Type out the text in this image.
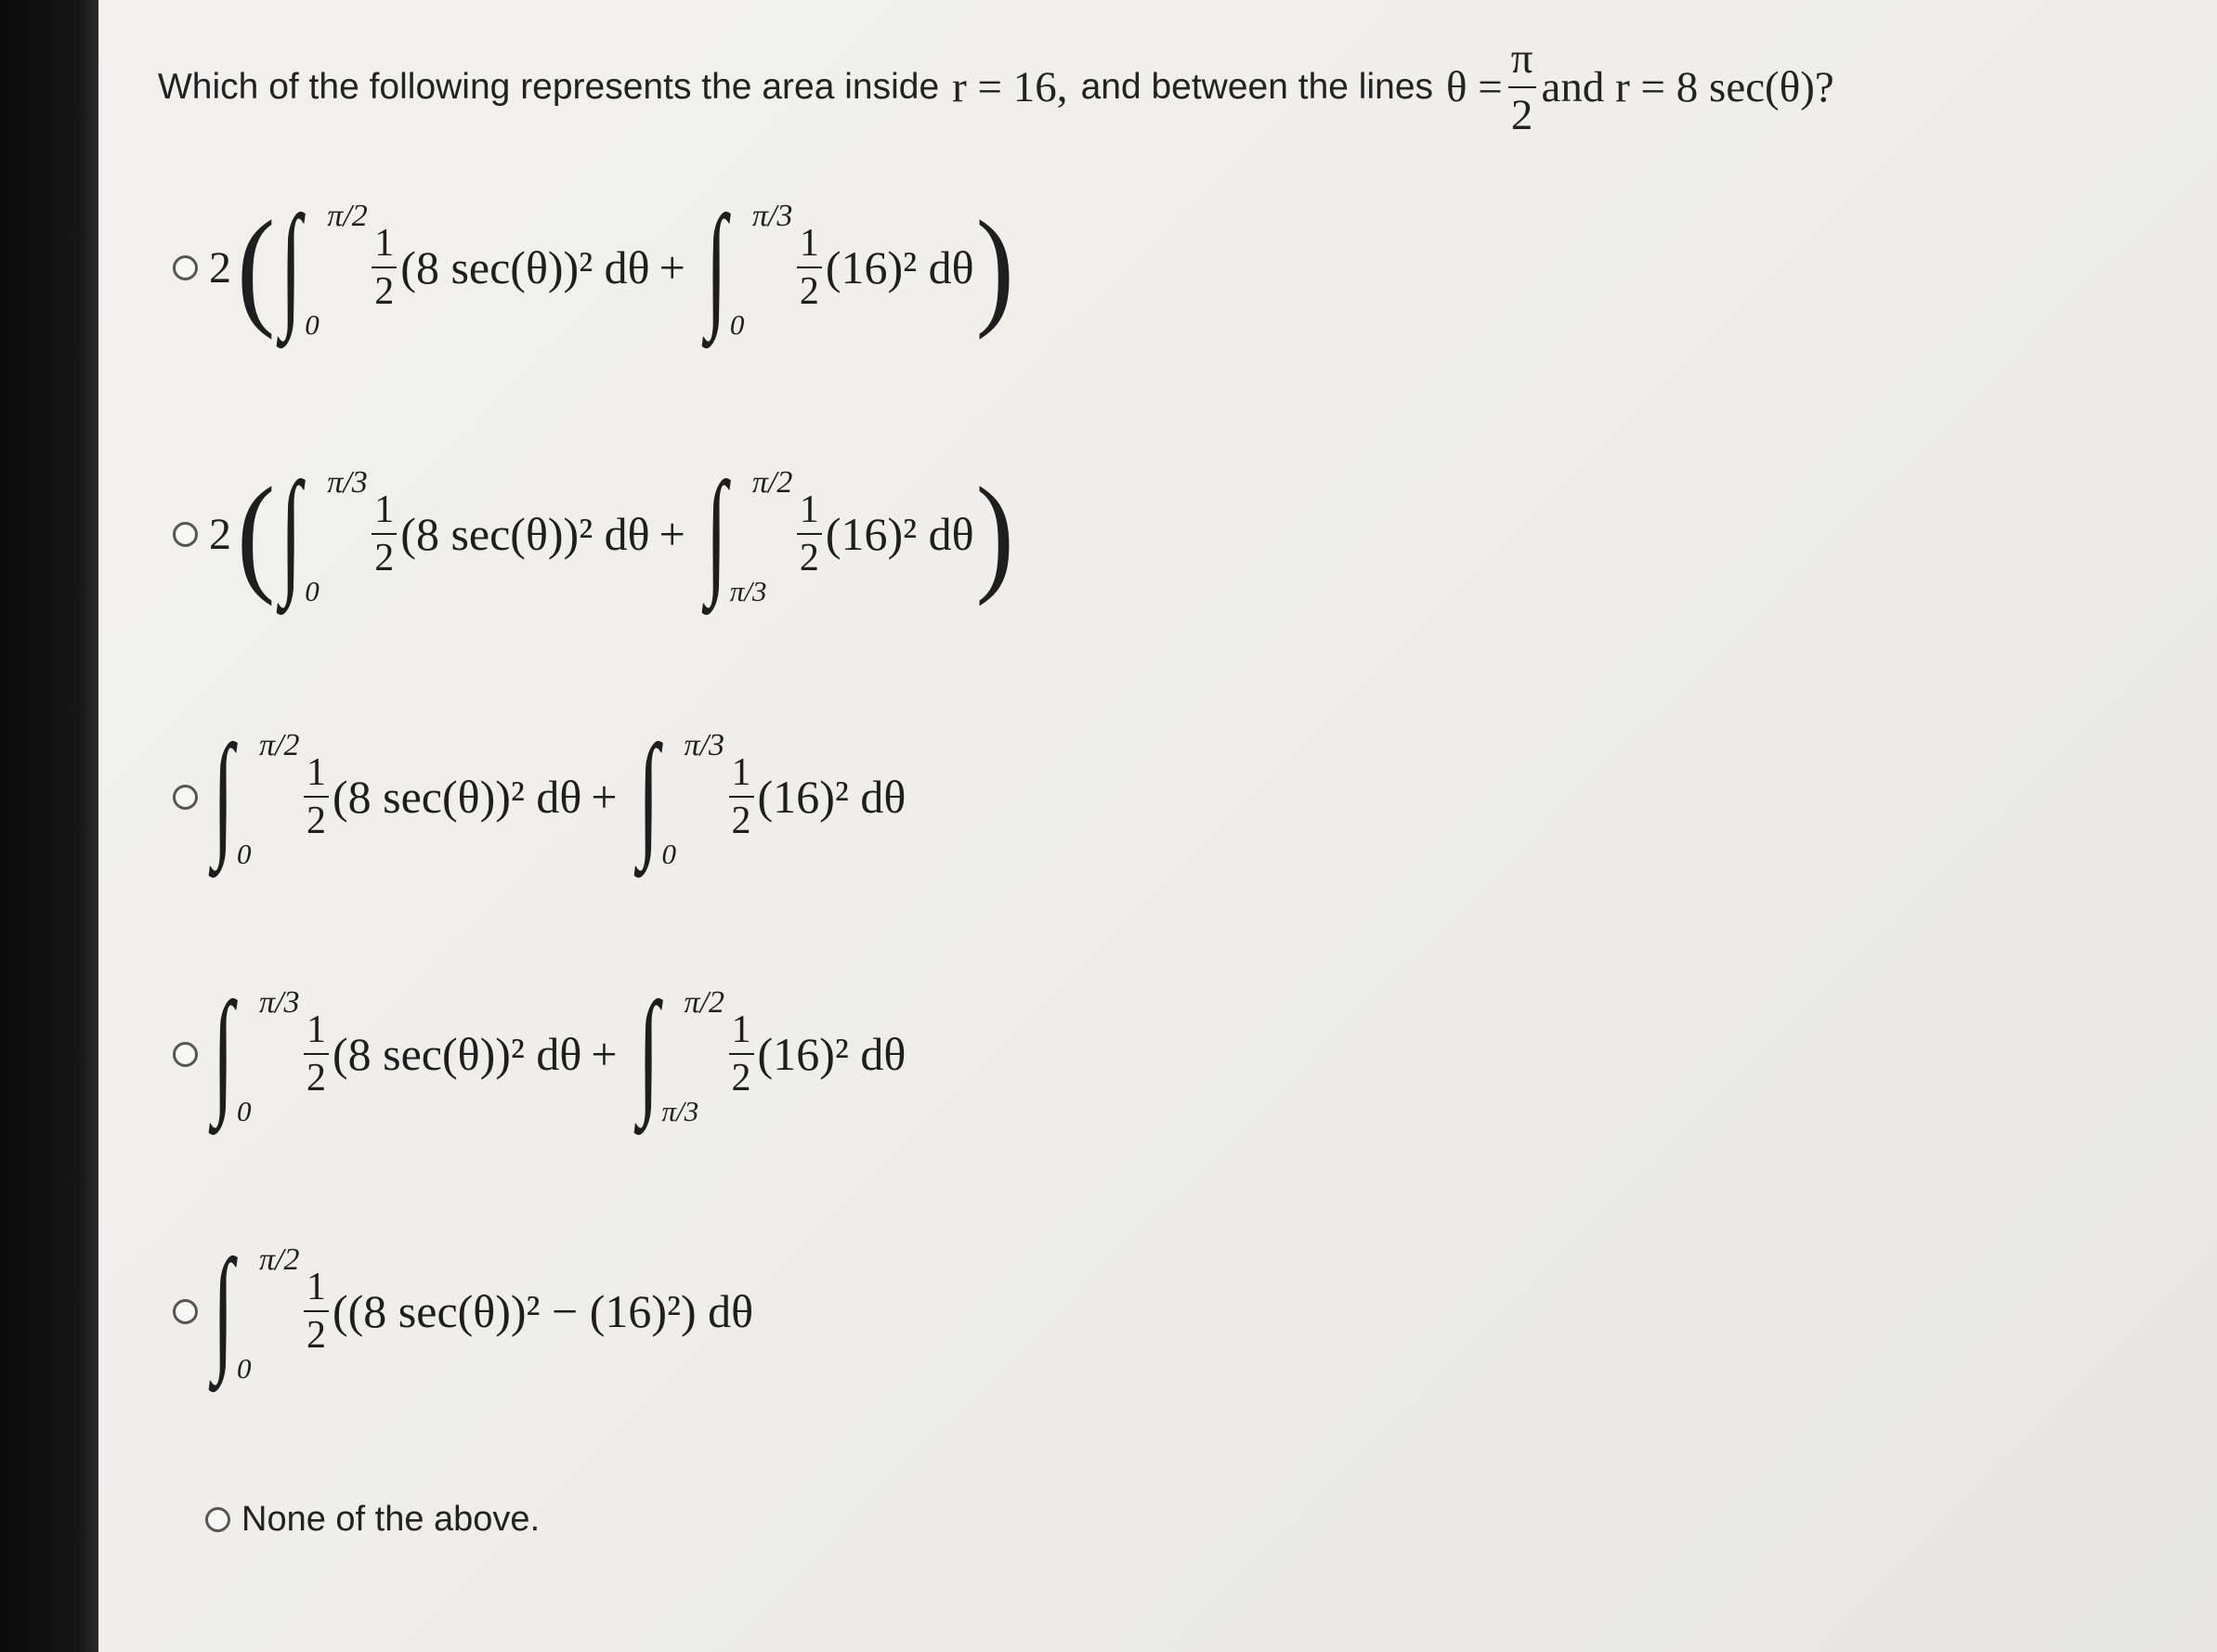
Which of the following represents the area inside r = 16, and between the lines $\theta = \frac{\pi}{2}$ and r = 8 sec(θ)?
2 ( ∫ π/2
0
$\frac{1}{2} (8$ sec(θ))² dθ + ∫ π/3
0
$\frac{1}{2} (16)^2$ dθ )
2 ( ∫ π/3
0
$\frac{1}{2} (8$ sec(θ))² dθ + ∫ π/2
π/3
$\frac{1}{2} (16)^2$ dθ )
∫ π/2
0
$\frac{1}{2} (8$ sec(θ))² dθ + ∫ π/3
0
$\frac{1}{2} (16)^2$ dθ
∫ π/3
0
$\frac{1}{2} (8$ sec(θ))² dθ + ∫ π/2
π/3
$\frac{1}{2} (16)^2$ dθ
∫ π/2
0
$\frac{1}{2} ((8$ sec(θ))² − (16)²) dθ
None of the above.
